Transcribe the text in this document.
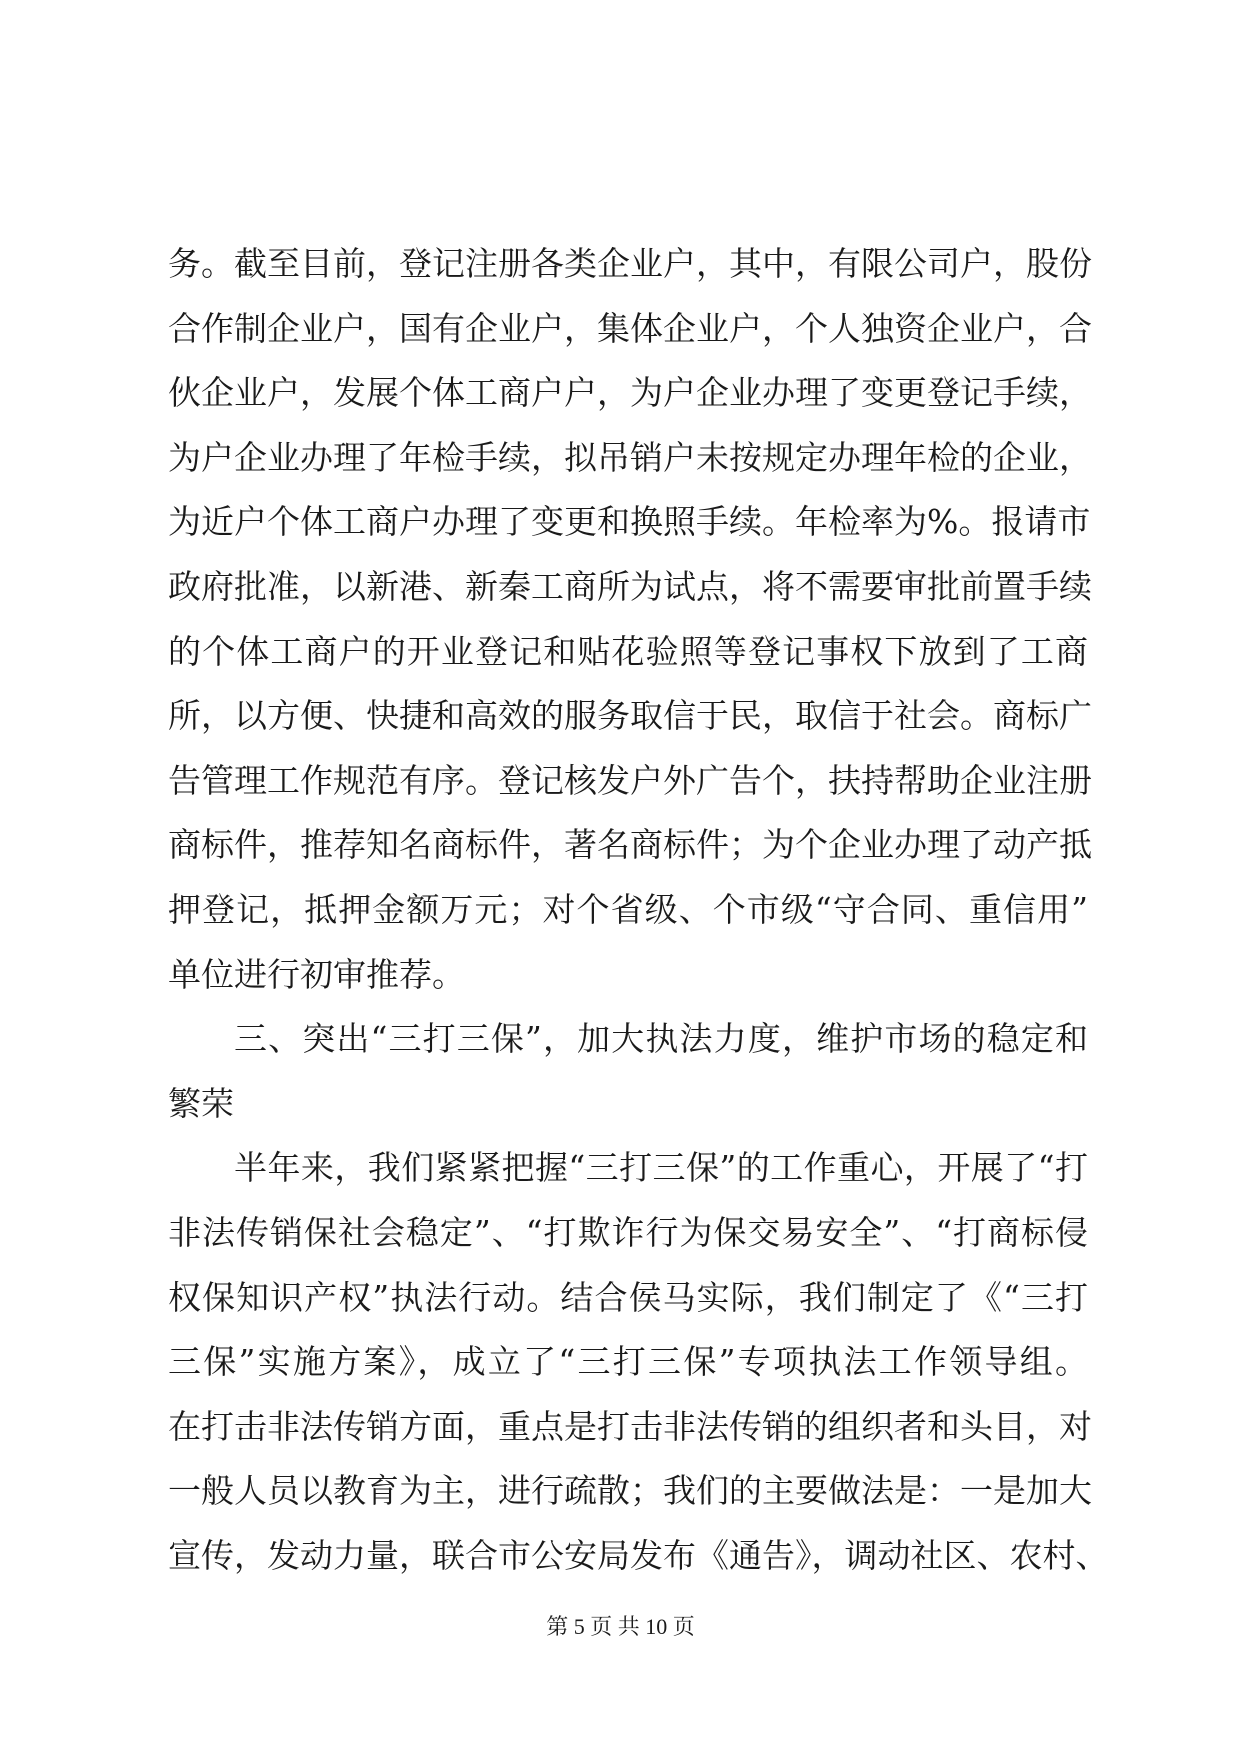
务。截至目前，登记注册各类企业户，其中，有限公司户，股份
合作制企业户，国有企业户，集体企业户，个人独资企业户，合
伙企业户，发展个体工商户户，为户企业办理了变更登记手续，
为户企业办理了年检手续，拟吊销户未按规定办理年检的企业，
为近户个体工商户办理了变更和换照手续。年检率为%。报请市
政府批准，以新港、新秦工商所为试点，将不需要审批前置手续
的个体工商户的开业登记和贴花验照等登记事权下放到了工商
所，以方便、快捷和高效的服务取信于民，取信于社会。商标广
告管理工作规范有序。登记核发户外广告个，扶持帮助企业注册
商标件，推荐知名商标件，著名商标件；为个企业办理了动产抵
押登记，抵押金额万元；对个省级、个市级“守合同、重信用”
单位进行初审推荐。
三、突出“三打三保”，加大执法力度，维护市场的稳定和
繁荣
半年来，我们紧紧把握“三打三保”的工作重心，开展了“打
非法传销保社会稳定”、“打欺诈行为保交易安全”、“打商标侵
权保知识产权”执法行动。结合侯马实际，我们制定了《“三打
三保”实施方案》，成立了“三打三保”专项执法工作领导组。
在打击非法传销方面，重点是打击非法传销的组织者和头目，对
一般人员以教育为主，进行疏散；我们的主要做法是：一是加大
宣传，发动力量，联合市公安局发布《通告》，调动社区、农村、
第 5 页 共 10 页
